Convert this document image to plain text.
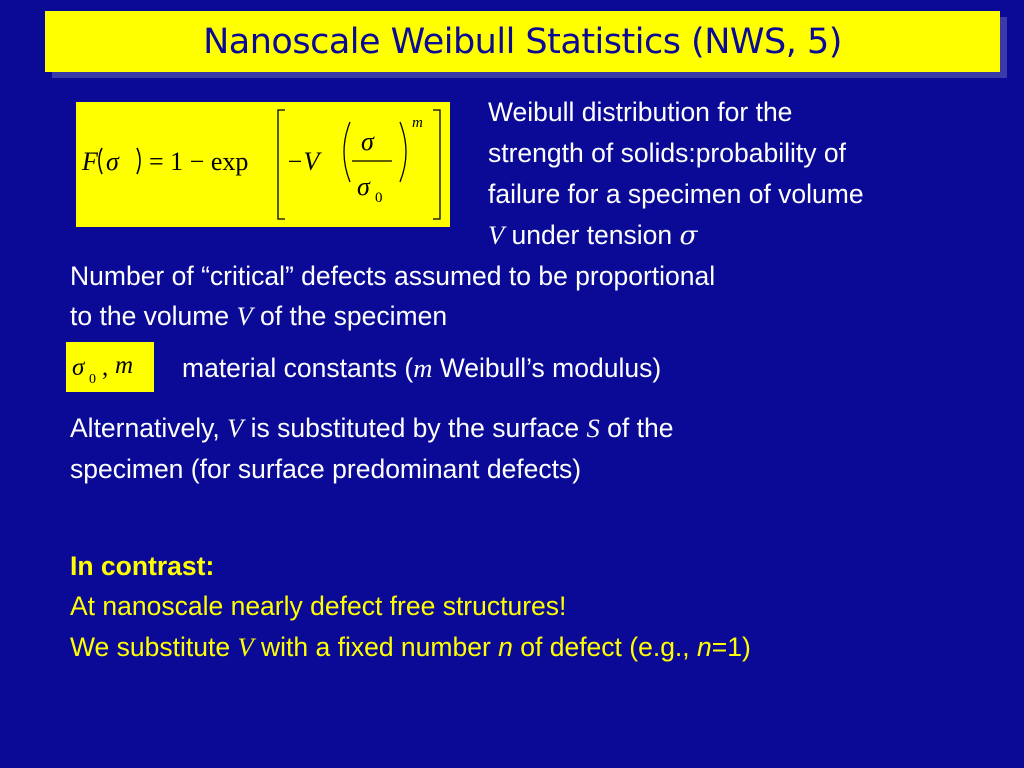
Nanoscale Weibull Statistics (NWS, 5)
F σ = 1 − exp −V
σ
σ 0
m Weibull distribution for the
strength of solids:probability of
failure for a specimen of volume
V under tension σ
Number of “critical” defects assumed to be proportional
to the volume V of the specimen
σ 0 , m material constants (m Weibull’s modulus)
Alternatively, V is substituted by the surface S of the
specimen (for surface predominant defects)
In contrast:
At nanoscale nearly defect free structures!
We substitute V with a fixed number n of defect (e.g., n=1)
